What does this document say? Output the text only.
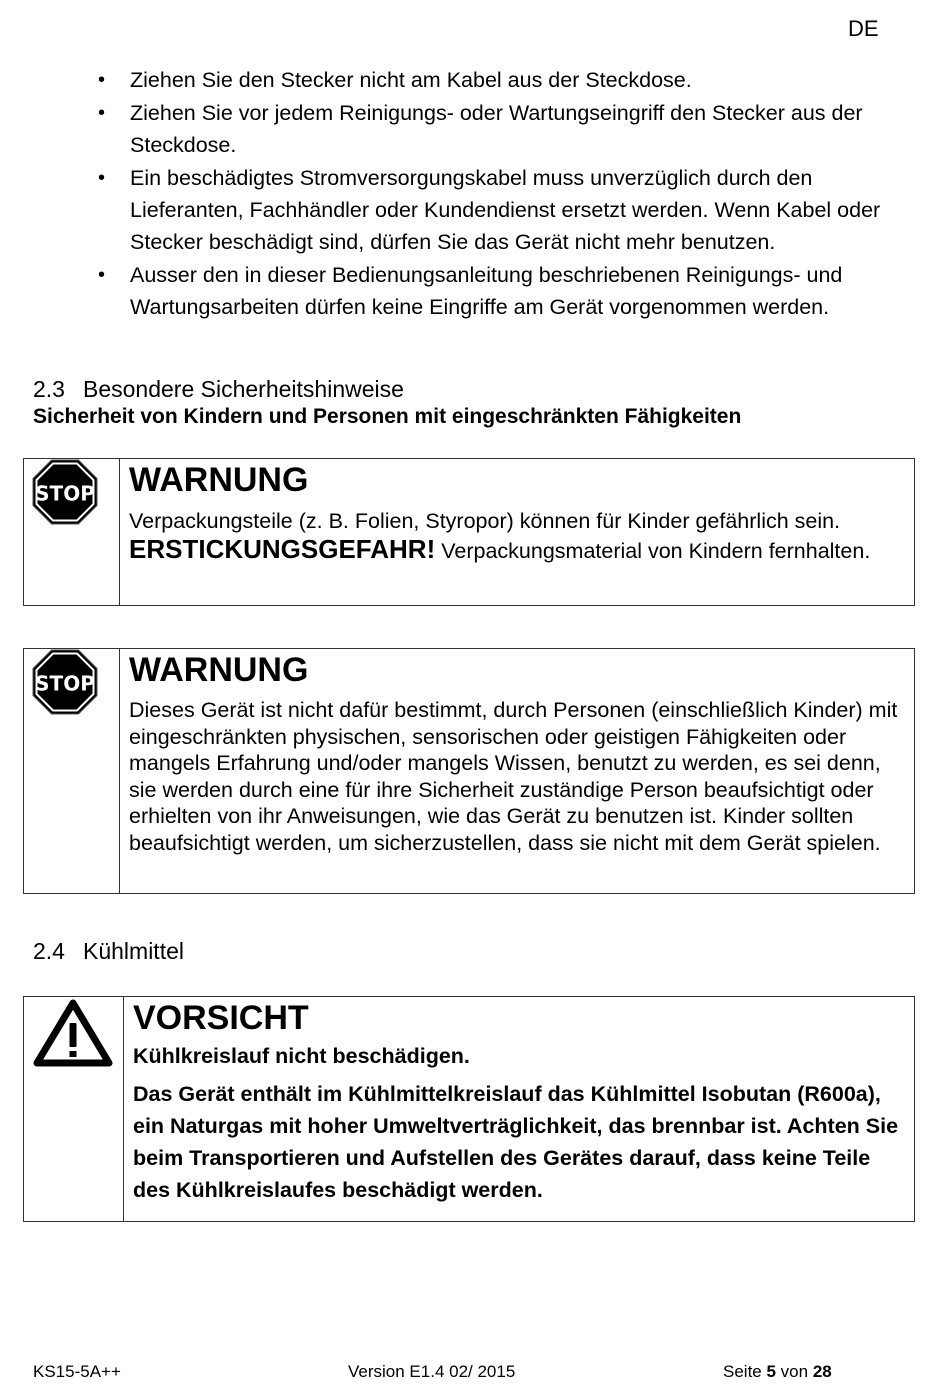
DE
• Ziehen Sie den Stecker nicht am Kabel aus der Steckdose.
• Ziehen Sie vor jedem Reinigungs- oder Wartungseingriff den Stecker aus der Steckdose.
• Ein beschädigtes Stromversorgungskabel muss unverzüglich durch den Lieferanten, Fachhändler oder Kundendienst ersetzt werden. Wenn Kabel oder Stecker beschädigt sind, dürfen Sie das Gerät nicht mehr benutzen.
• Ausser den in dieser Bedienungsanleitung beschriebenen Reinigungs- und Wartungsarbeiten dürfen keine Eingriffe am Gerät vorgenommen werden.
2.3 Besondere Sicherheitshinweise
Sicherheit von Kindern und Personen mit eingeschränkten Fähigkeiten
STOP WARNUNG
Verpackungsteile (z. B. Folien, Styropor) können für Kinder gefährlich sein.
ERSTICKUNGSGEFAHR! Verpackungsmaterial von Kindern fernhalten.
STOP WARNUNG
Dieses Gerät ist nicht dafür bestimmt, durch Personen (einschließlich Kinder) mit eingeschränkten physischen, sensorischen oder geistigen Fähigkeiten oder mangels Erfahrung und/oder mangels Wissen, benutzt zu werden, es sei denn, sie werden durch eine für ihre Sicherheit zuständige Person beaufsichtigt oder erhielten von ihr Anweisungen, wie das Gerät zu benutzen ist. Kinder sollten beaufsichtigt werden, um sicherzustellen, dass sie nicht mit dem Gerät spielen.
2.4 Kühlmittel
VORSICHT
Kühlkreislauf nicht beschädigen.
Das Gerät enthält im Kühlmittelkreislauf das Kühlmittel Isobutan (R600a), ein Naturgas mit hoher Umweltverträglichkeit, das brennbar ist. Achten Sie beim Transportieren und Aufstellen des Gerätes darauf, dass keine Teile des Kühlkreislaufes beschädigt werden.
KS15-5A++	Version E1.4 02/ 2015	Seite 5 von 28
